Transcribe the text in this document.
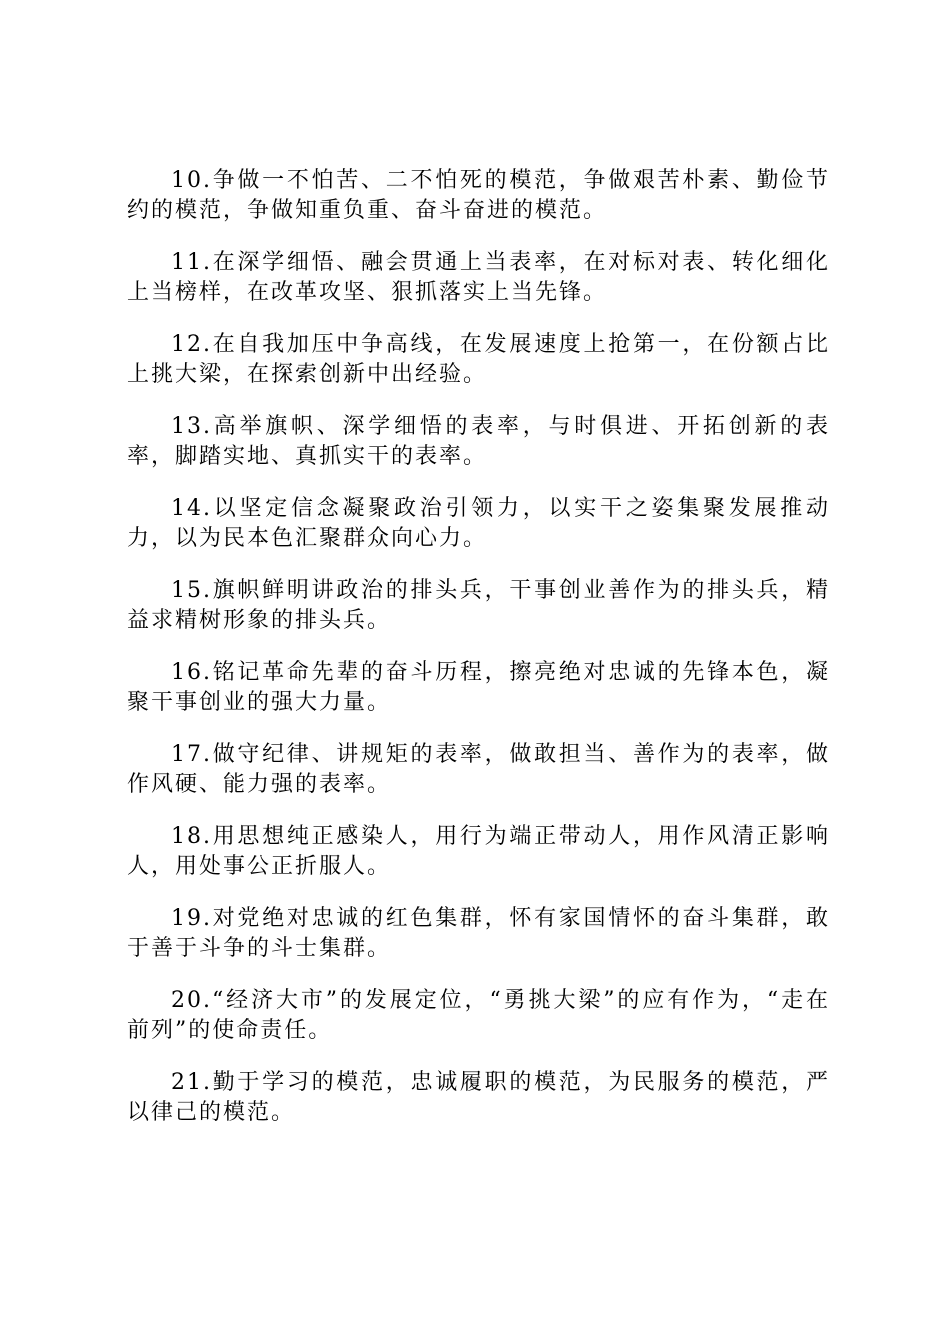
10.争做一不怕苦、二不怕死的模范，争做艰苦朴素、勤俭节约的模范，争做知重负重、奋斗奋进的模范。

11.在深学细悟、融会贯通上当表率，在对标对表、转化细化上当榜样，在改革攻坚、狠抓落实上当先锋。

12.在自我加压中争高线，在发展速度上抢第一，在份额占比上挑大梁，在探索创新中出经验。

13.高举旗帜、深学细悟的表率，与时俱进、开拓创新的表率，脚踏实地、真抓实干的表率。

14.以坚定信念凝聚政治引领力，以实干之姿集聚发展推动力，以为民本色汇聚群众向心力。

15.旗帜鲜明讲政治的排头兵，干事创业善作为的排头兵，精益求精树形象的排头兵。

16.铭记革命先辈的奋斗历程，擦亮绝对忠诚的先锋本色，凝聚干事创业的强大力量。

17.做守纪律、讲规矩的表率，做敢担当、善作为的表率，做作风硬、能力强的表率。

18.用思想纯正感染人，用行为端正带动人，用作风清正影响人，用处事公正折服人。

19.对党绝对忠诚的红色集群，怀有家国情怀的奋斗集群，敢于善于斗争的斗士集群。

20.“经济大市”的发展定位，“勇挑大梁”的应有作为，“走在前列”的使命责任。

21.勤于学习的模范，忠诚履职的模范，为民服务的模范，严以律己的模范。
